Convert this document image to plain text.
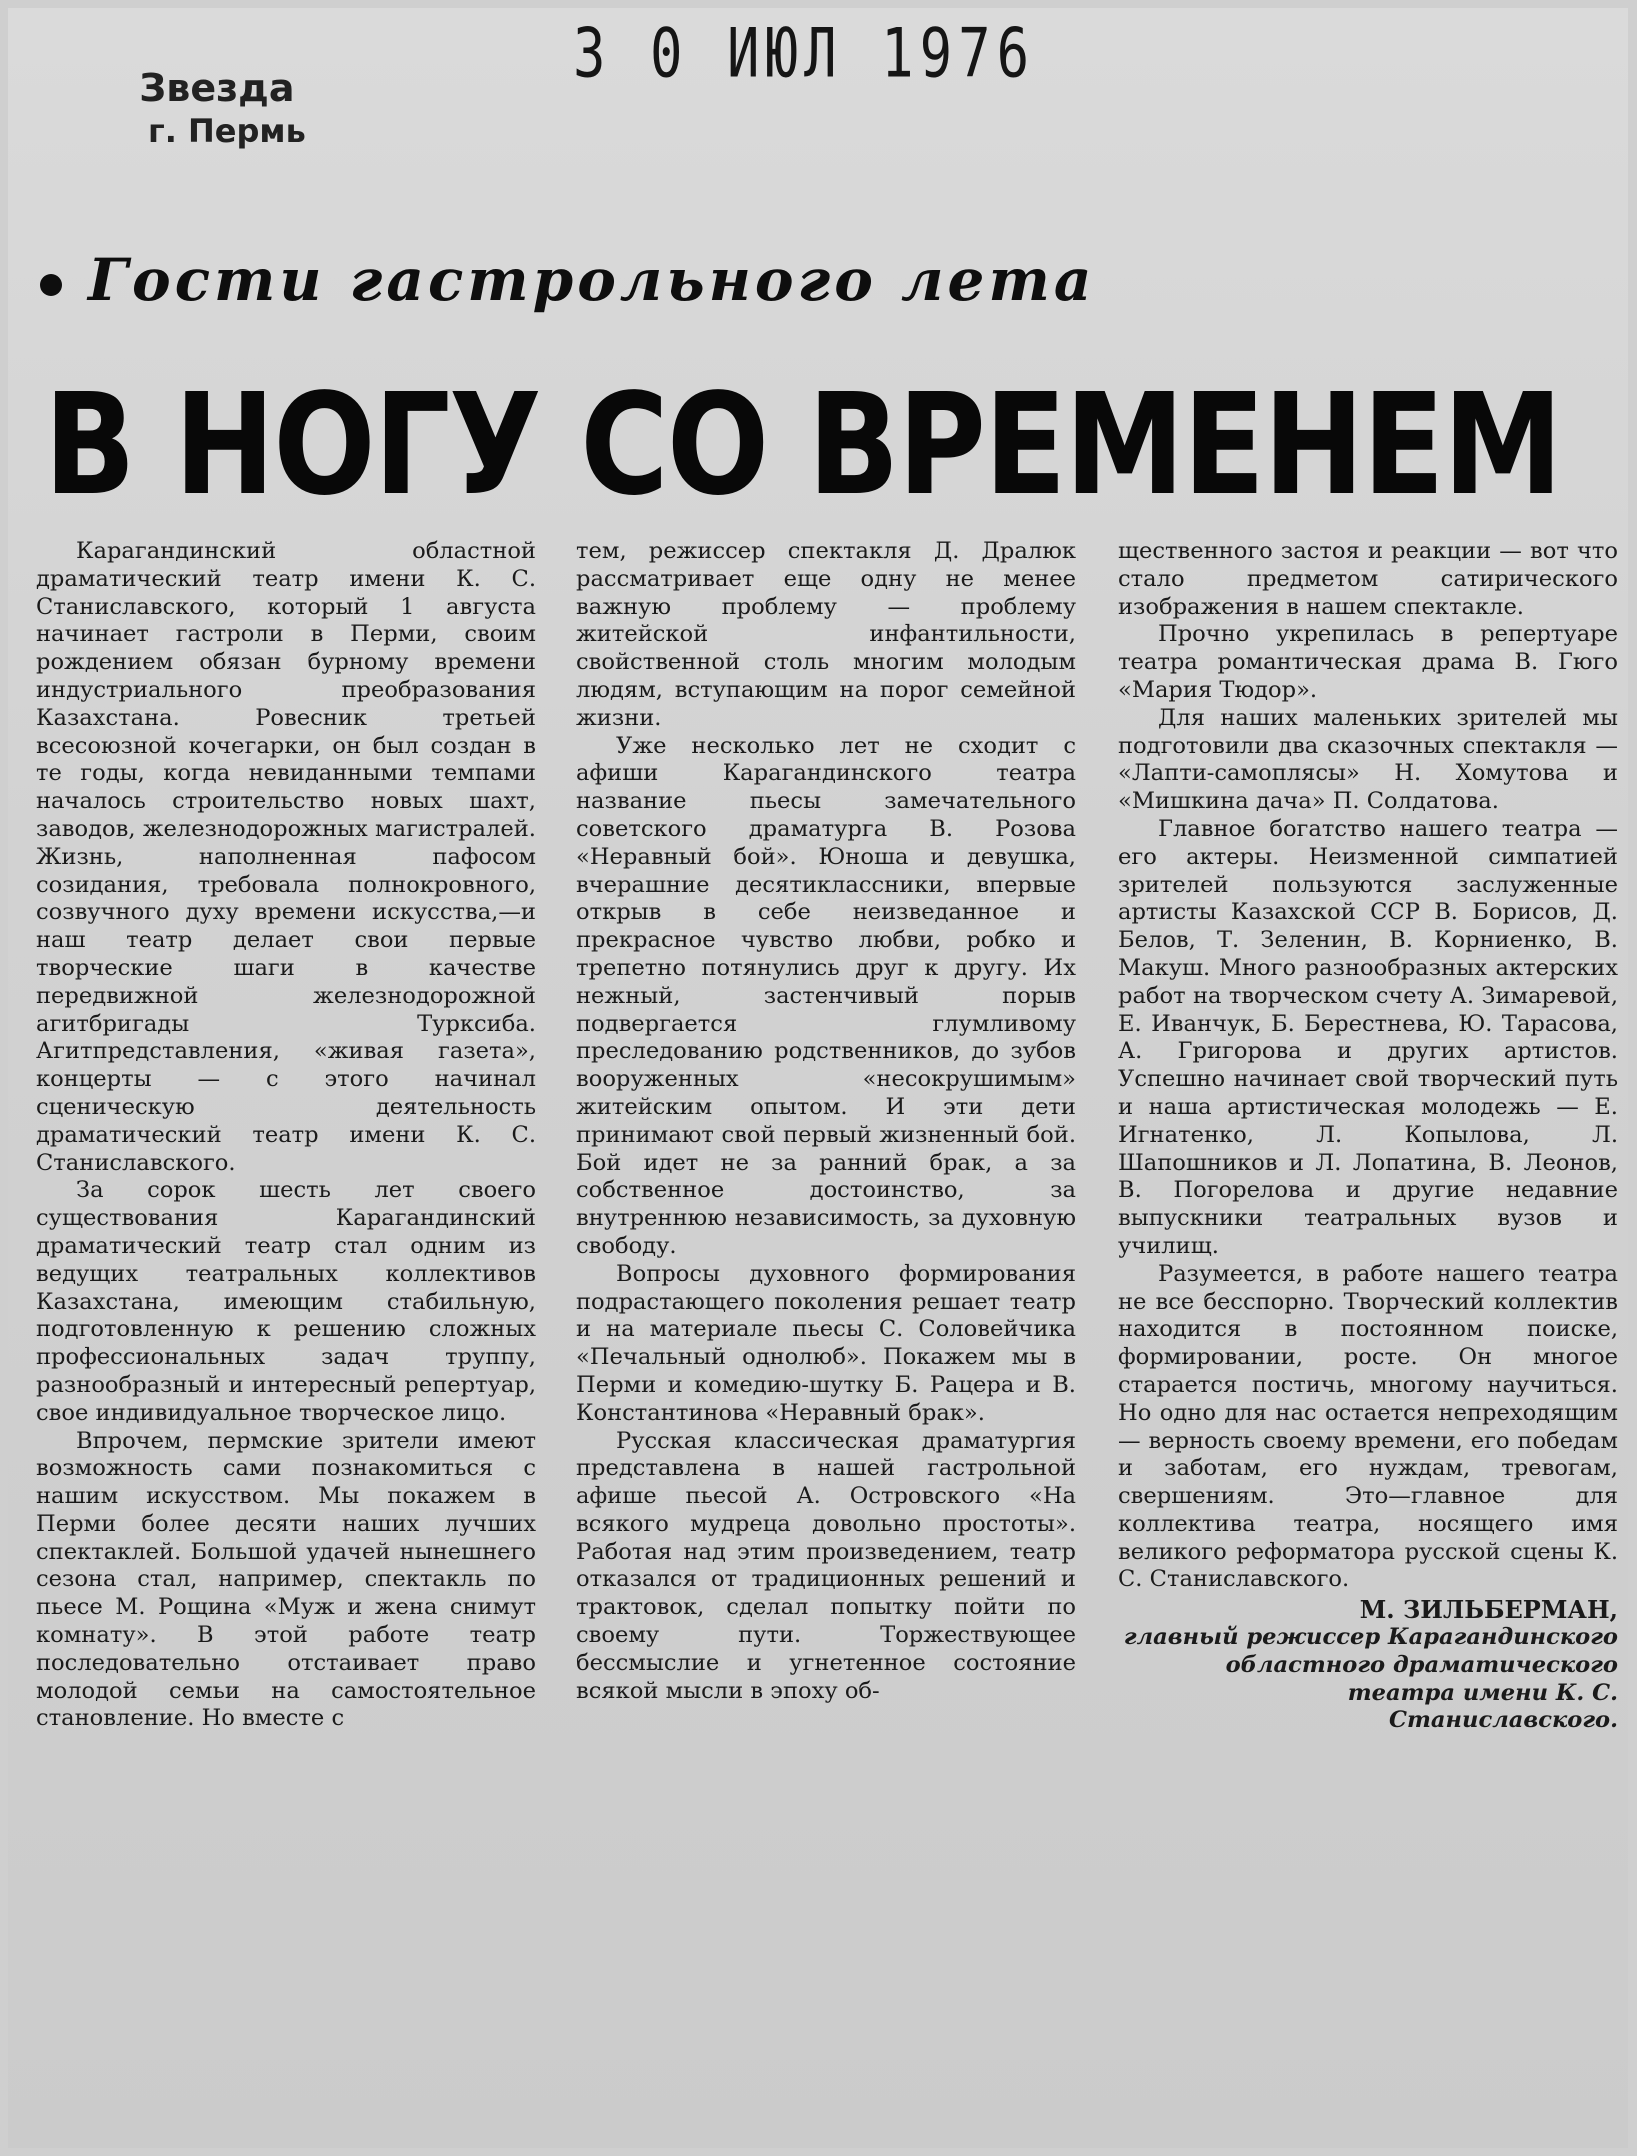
3 0 ИЮЛ 1976
Звезда
г. Пермь
Гости гастрольного лета
В НОГУ СО ВРЕМЕНЕМ

Карагандинский областной драматический театр имени К. С. Станиславского, который 1 августа начинает гастроли в Перми, своим рождением обязан бурному времени индустриального преобразования Казахстана. Ровесник третьей всесоюзной кочегарки, он был создан в те годы, когда невиданными темпами началось строительство новых шахт, заводов, железнодорожных магистралей. Жизнь, наполненная пафосом созидания, требовала полнокровного, созвучного духу времени искусства,—и наш театр делает свои первые творческие шаги в качестве передвижной железнодорожной агитбригады Турксиба. Агитпредставления, «живая газета», концерты — с этого начинал сценическую деятельность драматический театр имени К. С. Станиславского.

За сорок шесть лет своего существования Карагандинский драматический театр стал одним из ведущих театральных коллективов Казахстана, имеющим стабильную, подготовленную к решению сложных профессиональных задач труппу, разнообразный и интересный репертуар, свое индивидуальное творческое лицо.

Впрочем, пермские зрители имеют возможность сами познакомиться с нашим искусством. Мы покажем в Перми более десяти наших лучших спектаклей. Большой удачей нынешнего сезона стал, например, спектакль по пьесе М. Рощина «Муж и жена снимут комнату». В этой работе театр последовательно отстаивает право молодой семьи на самостоятельное становление. Но вместе с

тем, режиссер спектакля Д. Дралюк рассматривает еще одну не менее важную проблему — проблему житейской инфантильности, свойственной столь многим молодым людям, вступающим на порог семейной жизни.

Уже несколько лет не сходит с афиши Карагандинского театра название пьесы замечательного советского драматурга В. Розова «Неравный бой». Юноша и девушка, вчерашние десятиклассники, впервые открыв в себе неизведанное и прекрасное чувство любви, робко и трепетно потянулись друг к другу. Их нежный, застенчивый порыв подвергается глумливому преследованию родственников, до зубов вооруженных «несокрушимым» житейским опытом. И эти дети принимают свой первый жизненный бой. Бой идет не за ранний брак, а за собственное достоинство, за внутреннюю независимость, за духовную свободу.

Вопросы духовного формирования подрастающего поколения решает театр и на материале пьесы С. Соловейчика «Печальный однолюб». Покажем мы в Перми и комедию-шутку Б. Рацера и В. Константинова «Неравный брак».

Русская классическая драматургия представлена в нашей гастрольной афише пьесой А. Островского «На всякого мудреца довольно простоты». Работая над этим произведением, театр отказался от традиционных решений и трактовок, сделал попытку пойти по своему пути. Торжествующее бессмыслие и угнетенное состояние всякой мысли в эпоху об-

щественного застоя и реакции — вот что стало предметом сатирического изображения в нашем спектакле.

Прочно укрепилась в репертуаре театра романтическая драма В. Гюго «Мария Тюдор».

Для наших маленьких зрителей мы подготовили два сказочных спектакля — «Лапти-самоплясы» Н. Хомутова и «Мишкина дача» П. Солдатова.

Главное богатство нашего театра — его актеры. Неизменной симпатией зрителей пользуются заслуженные артисты Казахской ССР В. Борисов, Д. Белов, Т. Зеленин, В. Корниенко, В. Макуш. Много разнообразных актерских работ на творческом счету А. Зимаревой, Е. Иванчук, Б. Берестнева, Ю. Тарасова, А. Григорова и других артистов. Успешно начинает свой творческий путь и наша артистическая молодежь — Е. Игнатенко, Л. Копылова, Л. Шапошников и Л. Лопатина, В. Леонов, В. Погорелова и другие недавние выпускники театральных вузов и училищ.

Разумеется, в работе нашего театра не все бесспорно. Творческий коллектив находится в постоянном поиске, формировании, росте. Он многое старается постичь, многому научиться. Но одно для нас остается непреходящим — верность своему времени, его победам и заботам, его нуждам, тревогам, свершениям. Это—главное для коллектива театра, носящего имя великого реформатора русской сцены К. С. Станиславского.

М. ЗИЛЬБЕРМАН,

главный режиссер Карагандинского областного драматического театра имени К. С. Станиславского.
